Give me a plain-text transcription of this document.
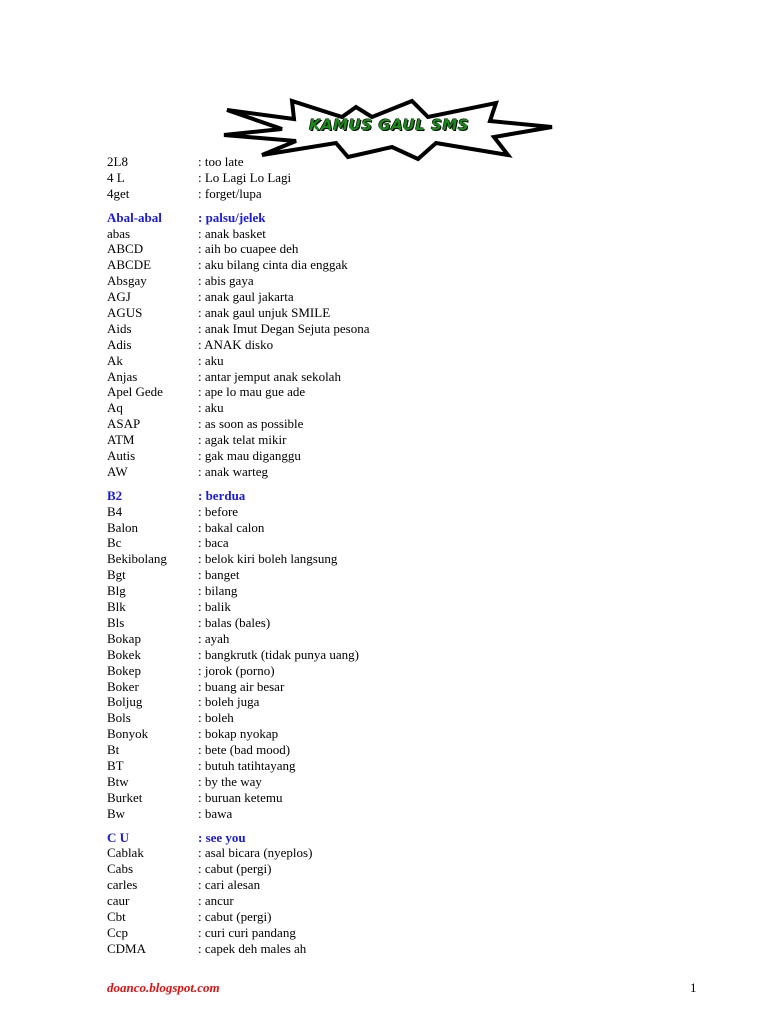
KAMUS GAUL SMS
2L8	: too late
4 L	: Lo Lagi Lo Lagi
4get	: forget/lupa
Abal-abal	: palsu/jelek
abas	: anak basket
ABCD	: aih bo cuapee deh
ABCDE	: aku bilang cinta dia enggak
Absgay	: abis gaya
AGJ	: anak gaul jakarta
AGUS	: anak gaul unjuk SMILE
Aids	: anak Imut Degan Sejuta pesona
Adis	: ANAK disko
Ak	: aku
Anjas	: antar jemput anak sekolah
Apel Gede	: ape lo mau gue ade
Aq	: aku
ASAP	: as soon as possible
ATM	: agak telat mikir
Autis	: gak mau diganggu
AW	: anak warteg
B2	: berdua
B4	: before
Balon	: bakal calon
Bc	: baca
Bekibolang : belok kiri boleh langsung
Bgt	: banget
Blg	: bilang
Blk	: balik
Bls	: balas (bales)
Bokap	: ayah
Bokek	: bangkrutk (tidak punya uang)
Bokep	: jorok (porno)
Boker	: buang air besar
Boljug	: boleh juga
Bols	: boleh
Bonyok	: bokap nyokap
Bt	: bete (bad mood)
BT	: butuh tatihtayang
Btw	: by the way
Burket	: buruan ketemu
Bw	: bawa
C U	: see you
Cablak	: asal bicara (nyeplos)
Cabs	: cabut (pergi)
carles	: cari alesan
caur	: ancur
Cbt	: cabut (pergi)
Ccp	: curi curi pandang
CDMA	: capek deh males ah
doanco.blogspot.com	1
